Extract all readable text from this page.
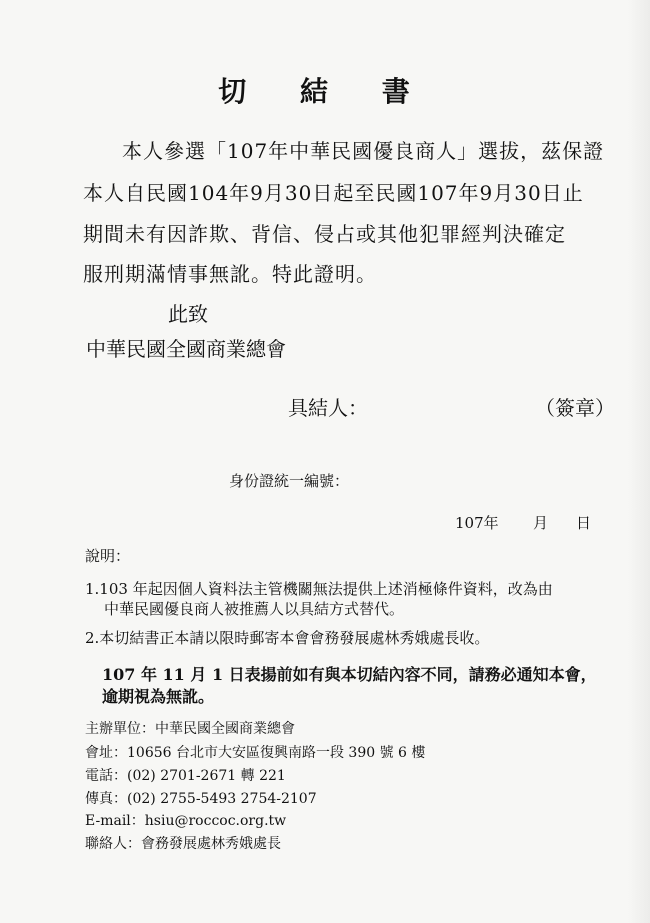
切 結 書
本人參選「107年中華民國優良商人」選拔，茲保證
本人自民國104年9月30日起至民國107年9月30日止
期間未有因詐欺、背信、侵占或其他犯罪經判決確定
服刑期滿情事無訛。特此證明。
此致
中華民國全國商業總會
具結人：	（簽章）
身份證統一編號：
107年 月 日
說明：
1.103 年起因個人資料法主管機關無法提供上述消極條件資料，改為由
中華民國優良商人被推薦人以具結方式替代。
2.本切結書正本請以限時郵寄本會會務發展處林秀娥處長收。
107 年 11 月 1 日表揚前如有與本切結內容不同，請務必通知本會，
逾期視為無訛。
主辦單位：中華民國全國商業總會
會址：10656 台北市大安區復興南路一段 390 號 6 樓
電話：(02) 2701-2671 轉 221
傳真：(02) 2755-5493 2754-2107
E-mail：hsiu@roccoc.org.tw
聯絡人：會務發展處林秀娥處長
